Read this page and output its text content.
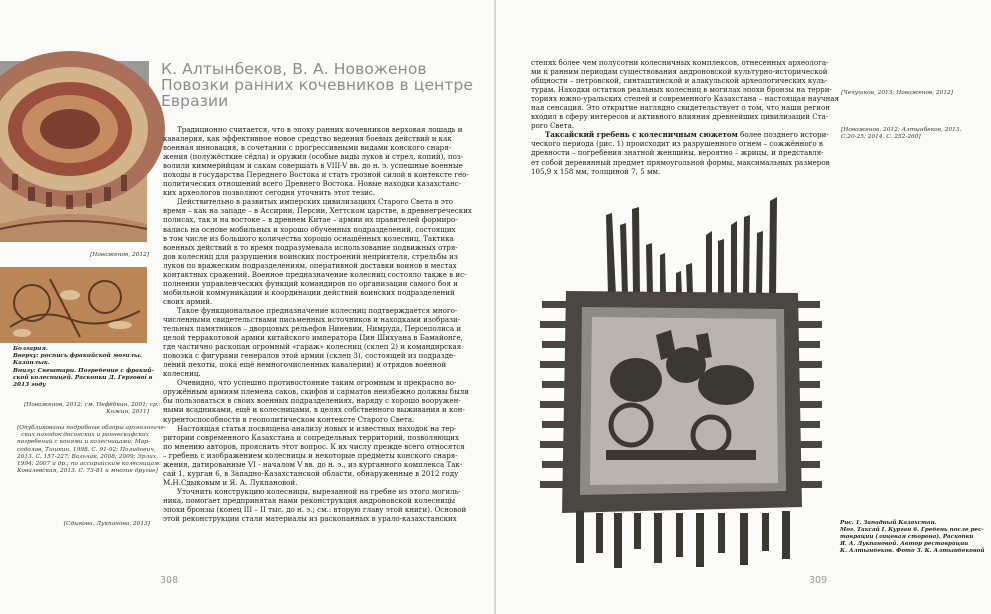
К. Алтынбеков, В. А. Новоженов
Повозки ранних кочевников в центре
Евразии
[Новоженов, 2012]
Болгария.
Вверху: роспись фракийской могилы.
Казанлык.
Внизу: Свештари. Погребение с фракий-
ской колесницей. Раскопки Д. Гергової в
2013 году
[Новоженов, 2012; см. Нефёдкин, 2001; ср.:
Кожин, 2011]
[Опубликованы подробные обзоры археологиче-
ских находок досанских и раннескифских
погребений с конями и колесницами: Мар-
содолов, Тишкин, 1998. С. 91-92; Полидович,
2013. С. 157-227; Вальчак, 2008; 2009; Эрлих,
1994; 2007 и др.; по ассирийским колесницам:
Ковалевская, 2013. С. 73-81 и многие другие]
[Сдыкова, Лукпанова, 2013]

Традиционно считается, что в эпоху ранних кочевников верховая лошадь и
кавалерия, как эффективное новое средство ведения боевых действий и как
военная инновация, в сочетании с прогрессивными видами конского снаря-
жения (полужёсткие сёдла) и оружия (особые виды луков и стрел, копий), поз-
волили киммерийцам и сакам совершать в VIII-V вв. до н. э. успешные военные
походы в государства Переднего Востока и стать грозной силой в контексте гео-
политических отношений всего Древнего Востока. Новые находки казахстанс-
ких археологов позволяют сегодня уточнить этот тезис.

Действительно в развитых имперских цивилизациях Старого Света в это
время – как на западе – в Ассирии, Персии, Хеттском царстве, в древнегреческих
полисах, так и на востоке – в древнем Китае – армии их правителей формиро-
вались на основе мобильных и хорошо обученных подразделений, состоящих
в том числе из большого количества хорошо оснащённых колесниц. Тактика
военных действий в то время подразумевала использование подвижных отря-
дов колесниц для разрушения воинских построений неприятеля, стрельбы из
луков по вражеским подразделениям, оперативной доставки воинов в местах
контактных сражений. Военное предназначение колесниц состояло также в ис-
полнении управленческих функций командиров по организации самого боя и
мобильной коммуникации и координации действий воинских подразделений
своих армий.

Такое функциональное предназначение колесниц подтверждается много-
численными свидетельствами письменных источников и находками изобрази-
тельных памятников – дворцовых рельефов Ниневии, Нимруда, Персеполиса и
целой терракотовой армии китайского императора Цин Шихуана в Бамайонге,
где частично раскопан огромный «гараж» колесниц (склеп 2) и командирская
повозка с фигурами генералов этой армии (склеп 3), состоящей из подразде-
лений пехоты, пока ещё немногочисленных кавалерии) и отрядов военной
колесниц.

Очевидно, что успешно противостояние таким огромным и прекрасно во-
оружённым армиям племена саков, скифов и сарматов неизбежно должны были
бы пользоваться в своих военных подразделениях, наряду с хорошо вооружен-
ными всадниками, ещё и колесницами, в целях собственного выживания и кон-
курентоспособности в геополитическом контексте Старого Света.

Настоящая статья посвящена анализу новых и известных находок на тер-
ритории современного Казахстана и сопредельных территорий, позволяющих
по мнению авторов, прояснить этот вопрос. К их числу прежде всего относятся
– гребень с изображением колесницы и некоторые предметы конского снаря-
жения, датированные VI - началом V вв. до н. э., из курганного комплекса Так-
сай 1, курган 6, в Западно-Казахстанской области, обнаруженные в 2012 году
М.Н.Сдыковым и Я. А. Лукпановой.

Уточнить конструкцию колесницы, вырезанной на гребне из этого могиль-
ника, помогает предпринятая нами реконструкция андроновской колесницы
эпохи бронзы (конец III – II тыс. до н. э.; см.: вторую главу этой книги). Основой
этой реконструкции стали материалы из раскопанных в урало-казахстанских

308

степях более чем полусотни колесничных комплексов, отнесенных археолога-
ми к ранним периодам существования андроновской культурно-исторической
общности – петровской, синташтинской и алакульской археологических куль-
турам. Находки остатков реальных колесниц в могилах эпохи бронзы на терри-
ториях южно-уральских степей и современного Казахстана – настоящая научная
ная сенсация. Это открытие наглядно свидетельствует о том, что наши регион
входил в сферу интересов и активного влияния древнейших цивилизаций Ста-
рого Света.

Таксайский гребень с колесничным сюжетом более позднего истори-
ческого периода (рис. 1) происходит из разрушенного огнем – сожжённого в
древности – погребения знатной женщины, вероятно – жрицы, и представля-
ет собой деревянный предмет прямоугольной формы, максимальных размеров
105,9 х 158 мм, толщиной 7, 5 мм.

[Чечушков, 2013; Новоженов, 2012]
[Новоженов, 2012; Алтынбеков, 2013.
С.20-25; 2014. С. 252-260]
Рис. 1. Западный Казахстан.
Мог. Таксай I. Курган 6. Гребень после рес-
таврации (лицевая сторона). Раскопки
Я. А. Лукпановой. Автор реставрации
К. Алтынбеков. Фото З. К. Алтынбековой
309
